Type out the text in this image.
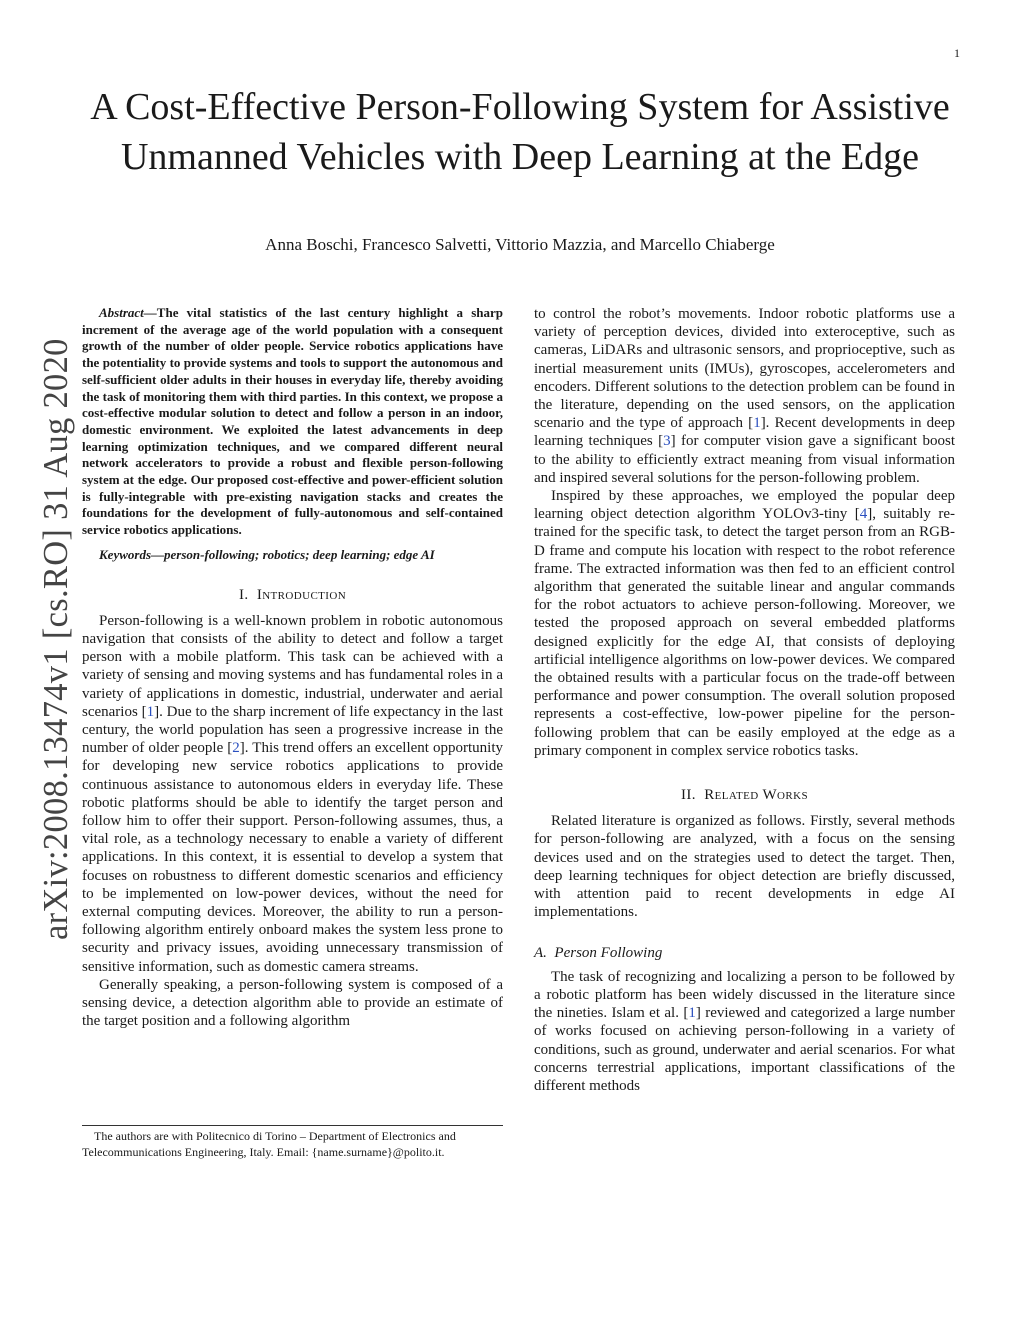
1
arXiv:2008.13474v1 [cs.RO] 31 Aug 2020
A Cost-Effective Person-Following System for Assistive Unmanned Vehicles with Deep Learning at the Edge
Anna Boschi, Francesco Salvetti, Vittorio Mazzia, and Marcello Chiaberge

Abstract—The vital statistics of the last century highlight a sharp increment of the average age of the world population with a consequent growth of the number of older people. Service robotics applications have the potentiality to provide systems and tools to support the autonomous and self-sufficient older adults in their houses in everyday life, thereby avoiding the task of monitoring them with third parties. In this context, we propose a cost-effective modular solution to detect and follow a person in an indoor, domestic environment. We exploited the latest advancements in deep learning optimization techniques, and we compared different neural network accelerators to provide a robust and flexible person-following system at the edge. Our proposed cost-effective and power-efficient solution is fully-integrable with pre-existing navigation stacks and creates the foundations for the development of fully-autonomous and self-contained service robotics applications.

Keywords—person-following; robotics; deep learning; edge AI

I. Introduction

Person-following is a well-known problem in robotic autonomous navigation that consists of the ability to detect and follow a target person with a mobile platform. This task can be achieved with a variety of sensing and moving systems and has fundamental roles in a variety of applications in domestic, industrial, underwater and aerial scenarios [1]. Due to the sharp increment of life expectancy in the last century, the world population has seen a progressive increase in the number of older people [2]. This trend offers an excellent opportunity for developing new service robotics applications to provide continuous assistance to autonomous elders in everyday life. These robotic platforms should be able to identify the target person and follow him to offer their support. Person-following assumes, thus, a vital role, as a technology necessary to enable a variety of different applications. In this context, it is essential to develop a system that focuses on robustness to different domestic scenarios and efficiency to be implemented on low-power devices, without the need for external computing devices. Moreover, the ability to run a person-following algorithm entirely onboard makes the system less prone to security and privacy issues, avoiding unnecessary transmission of sensitive information, such as domestic camera streams.

Generally speaking, a person-following system is composed of a sensing device, a detection algorithm able to provide an estimate of the target position and a following algorithm

The authors are with Politecnico di Torino – Department of Electronics and Telecommunications Engineering, Italy. Email: {name.surname}@polito.it.

to control the robot’s movements. Indoor robotic platforms use a variety of perception devices, divided into exteroceptive, such as cameras, LiDARs and ultrasonic sensors, and proprioceptive, such as inertial measurement units (IMUs), gyroscopes, accelerometers and encoders. Different solutions to the detection problem can be found in the literature, depending on the used sensors, on the application scenario and the type of approach [1]. Recent developments in deep learning techniques [3] for computer vision gave a significant boost to the ability to efficiently extract meaning from visual information and inspired several solutions for the person-following problem.

Inspired by these approaches, we employed the popular deep learning object detection algorithm YOLOv3-tiny [4], suitably re-trained for the specific task, to detect the target person from an RGB-D frame and compute his location with respect to the robot reference frame. The extracted information was then fed to an efficient control algorithm that generated the suitable linear and angular commands for the robot actuators to achieve person-following. Moreover, we tested the proposed approach on several embedded platforms designed explicitly for the edge AI, that consists of deploying artificial intelligence algorithms on low-power devices. We compared the obtained results with a particular focus on the trade-off between performance and power consumption. The overall solution proposed represents a cost-effective, low-power pipeline for the person-following problem that can be easily employed at the edge as a primary component in complex service robotics tasks.

II. Related Works

Related literature is organized as follows. Firstly, several methods for person-following are analyzed, with a focus on the sensing devices used and on the strategies used to detect the target. Then, deep learning techniques for object detection are briefly discussed, with attention paid to recent developments in edge AI implementations.

A. Person Following

The task of recognizing and localizing a person to be followed by a robotic platform has been widely discussed in the literature since the nineties. Islam et al. [1] reviewed and categorized a large number of works focused on achieving person-following in a variety of conditions, such as ground, underwater and aerial scenarios. For what concerns terrestrial applications, important classifications of the different methods
